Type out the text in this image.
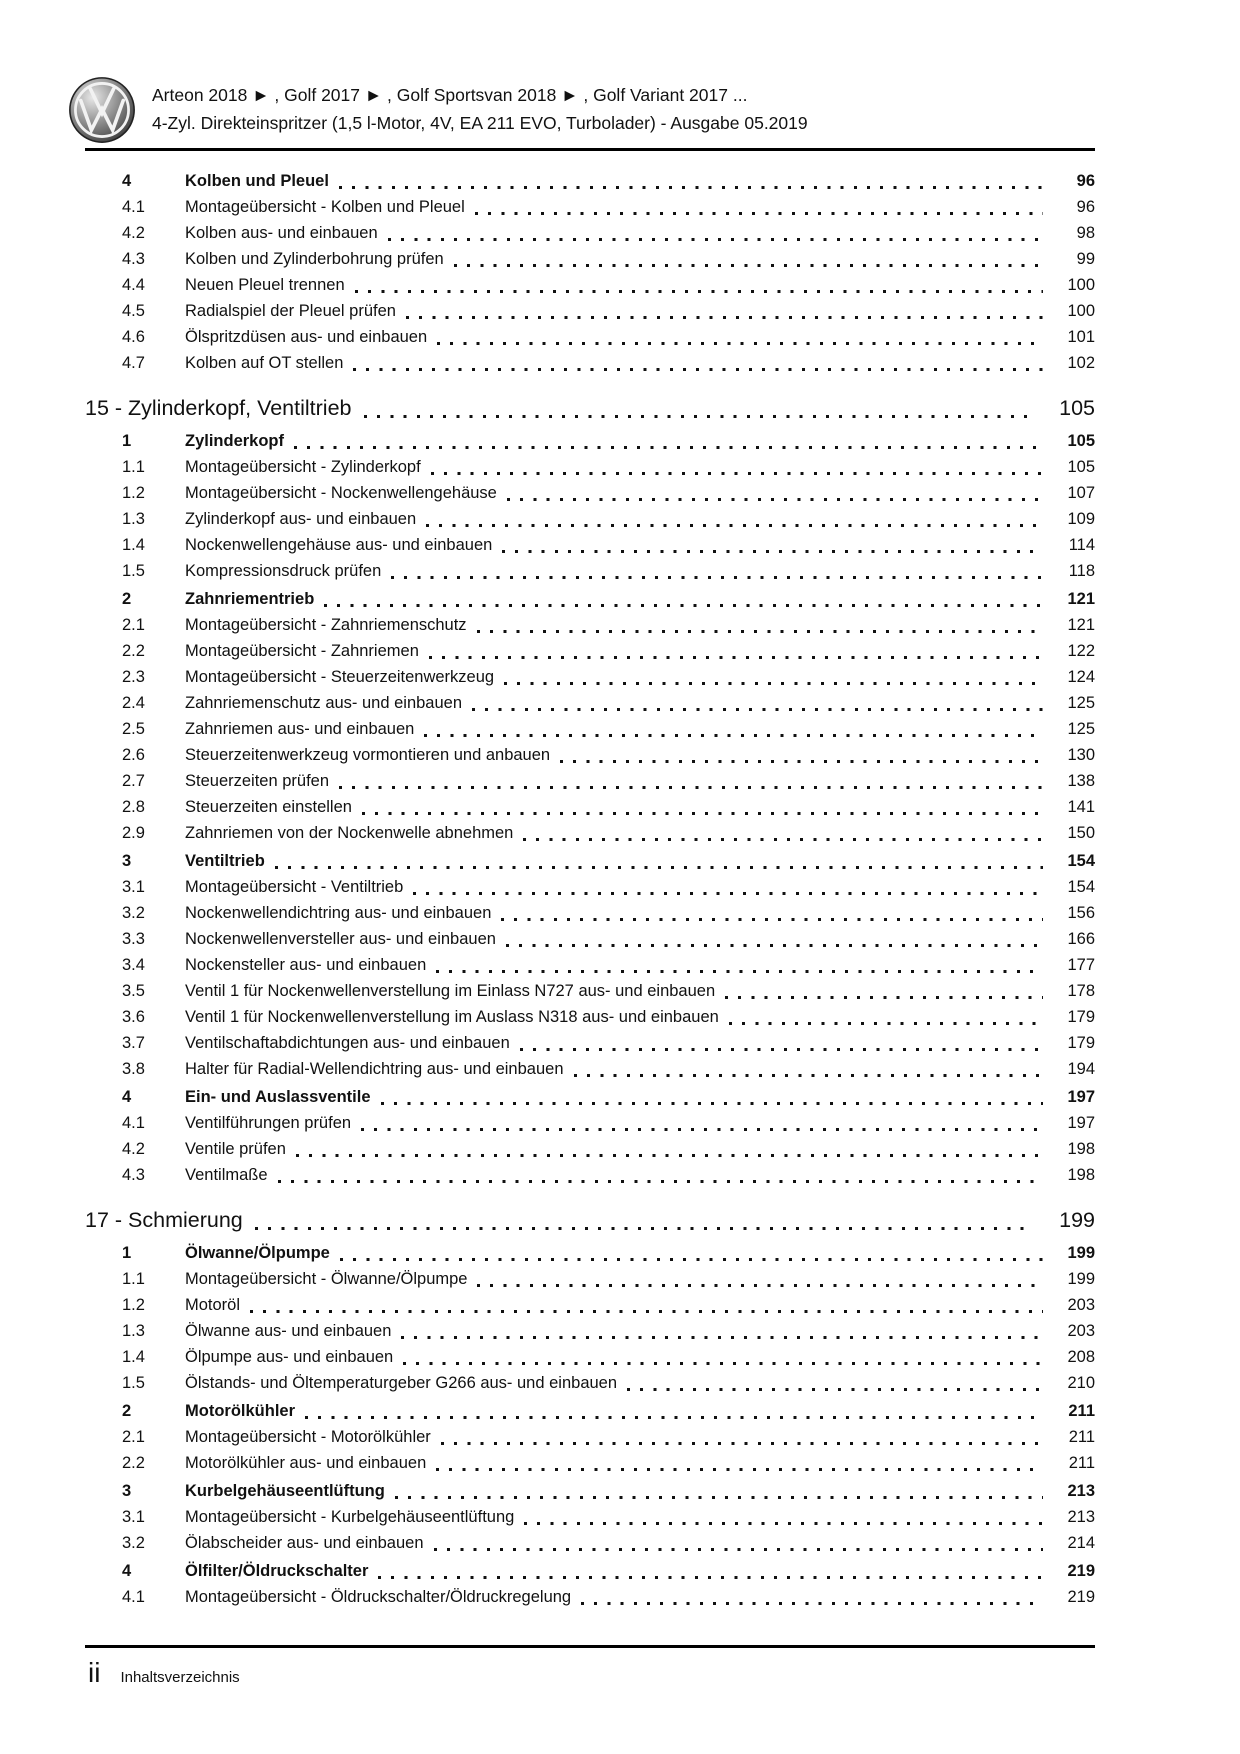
Arteon 2018 ► , Golf 2017 ► , Golf Sportsvan 2018 ► , Golf Variant 2017 ...
4-Zyl. Direkteinspritzer (1,5 l-Motor, 4V, EA 211 EVO, Turbolader) - Ausgabe 05.2019
4	Kolben und Pleuel	96
4.1	Montageübersicht - Kolben und Pleuel	96
4.2	Kolben aus- und einbauen	98
4.3	Kolben und Zylinderbohrung prüfen	99
4.4	Neuen Pleuel trennen	100
4.5	Radialspiel der Pleuel prüfen	100
4.6	Ölspritzdüsen aus- und einbauen	101
4.7	Kolben auf OT stellen	102
15 - Zylinderkopf, Ventiltrieb	105
1	Zylinderkopf	105
1.1	Montageübersicht - Zylinderkopf	105
1.2	Montageübersicht - Nockenwellengehäuse	107
1.3	Zylinderkopf aus- und einbauen	109
1.4	Nockenwellengehäuse aus- und einbauen	114
1.5	Kompressionsdruck prüfen	118
2	Zahnriementrieb	121
2.1	Montageübersicht - Zahnriemenschutz	121
2.2	Montageübersicht - Zahnriemen	122
2.3	Montageübersicht - Steuerzeitenwerkzeug	124
2.4	Zahnriemenschutz aus- und einbauen	125
2.5	Zahnriemen aus- und einbauen	125
2.6	Steuerzeitenwerkzeug vormontieren und anbauen	130
2.7	Steuerzeiten prüfen	138
2.8	Steuerzeiten einstellen	141
2.9	Zahnriemen von der Nockenwelle abnehmen	150
3	Ventiltrieb	154
3.1	Montageübersicht - Ventiltrieb	154
3.2	Nockenwellendichtring aus- und einbauen	156
3.3	Nockenwellenversteller aus- und einbauen	166
3.4	Nockensteller aus- und einbauen	177
3.5	Ventil 1 für Nockenwellenverstellung im Einlass N727 aus- und einbauen	178
3.6	Ventil 1 für Nockenwellenverstellung im Auslass N318 aus- und einbauen	179
3.7	Ventilschaftabdichtungen aus- und einbauen	179
3.8	Halter für Radial-Wellendichtring aus- und einbauen	194
4	Ein- und Auslassventile	197
4.1	Ventilführungen prüfen	197
4.2	Ventile prüfen	198
4.3	Ventilmaße	198
17 - Schmierung	199
1	Ölwanne/Ölpumpe	199
1.1	Montageübersicht - Ölwanne/Ölpumpe	199
1.2	Motoröl	203
1.3	Ölwanne aus- und einbauen	203
1.4	Ölpumpe aus- und einbauen	208
1.5	Ölstands- und Öltemperaturgeber G266 aus- und einbauen	210
2	Motorölkühler	211
2.1	Montageübersicht - Motorölkühler	211
2.2	Motorölkühler aus- und einbauen	211
3	Kurbelgehäuseentlüftung	213
3.1	Montageübersicht - Kurbelgehäuseentlüftung	213
3.2	Ölabscheider aus- und einbauen	214
4	Ölfilter/Öldruckschalter	219
4.1	Montageübersicht - Öldruckschalter/Öldruckregelung	219
ii Inhaltsverzeichnis
